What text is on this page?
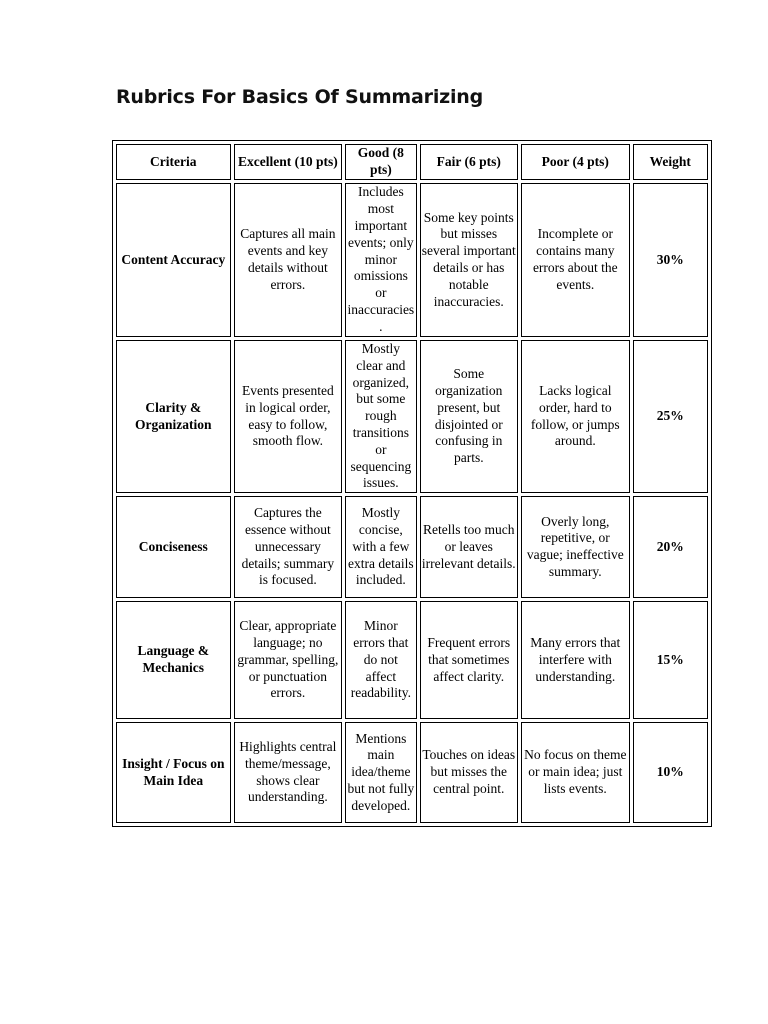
Rubrics For Basics Of Summarizing
Criteria	Excellent (10 pts)	Good (8 pts)	Fair (6 pts)	Poor (4 pts)	Weight
Content Accuracy	Captures all main events and key details without errors.	Includes most important events; only minor omissions or inaccuracies.	Some key points but misses several important details or has notable inaccuracies.	Incomplete or contains many errors about the events.	30%
Clarity & Organization	Events presented in logical order, easy to follow, smooth flow.	Mostly clear and organized, but some rough transitions or sequencing issues.	Some organization present, but disjointed or confusing in parts.	Lacks logical order, hard to follow, or jumps around.	25%
Conciseness	Captures the essence without unnecessary details; summary is focused.	Mostly concise, with a few extra details included.	Retells too much or leaves irrelevant details.	Overly long, repetitive, or vague; ineffective summary.	20%
Language & Mechanics	Clear, appropriate language; no grammar, spelling, or punctuation errors.	Minor errors that do not affect readability.	Frequent errors that sometimes affect clarity.	Many errors that interfere with understanding.	15%
Insight / Focus on Main Idea	Highlights central theme/message, shows clear understanding.	Mentions main idea/theme but not fully developed.	Touches on ideas but misses the central point.	No focus on theme or main idea; just lists events.	10%
